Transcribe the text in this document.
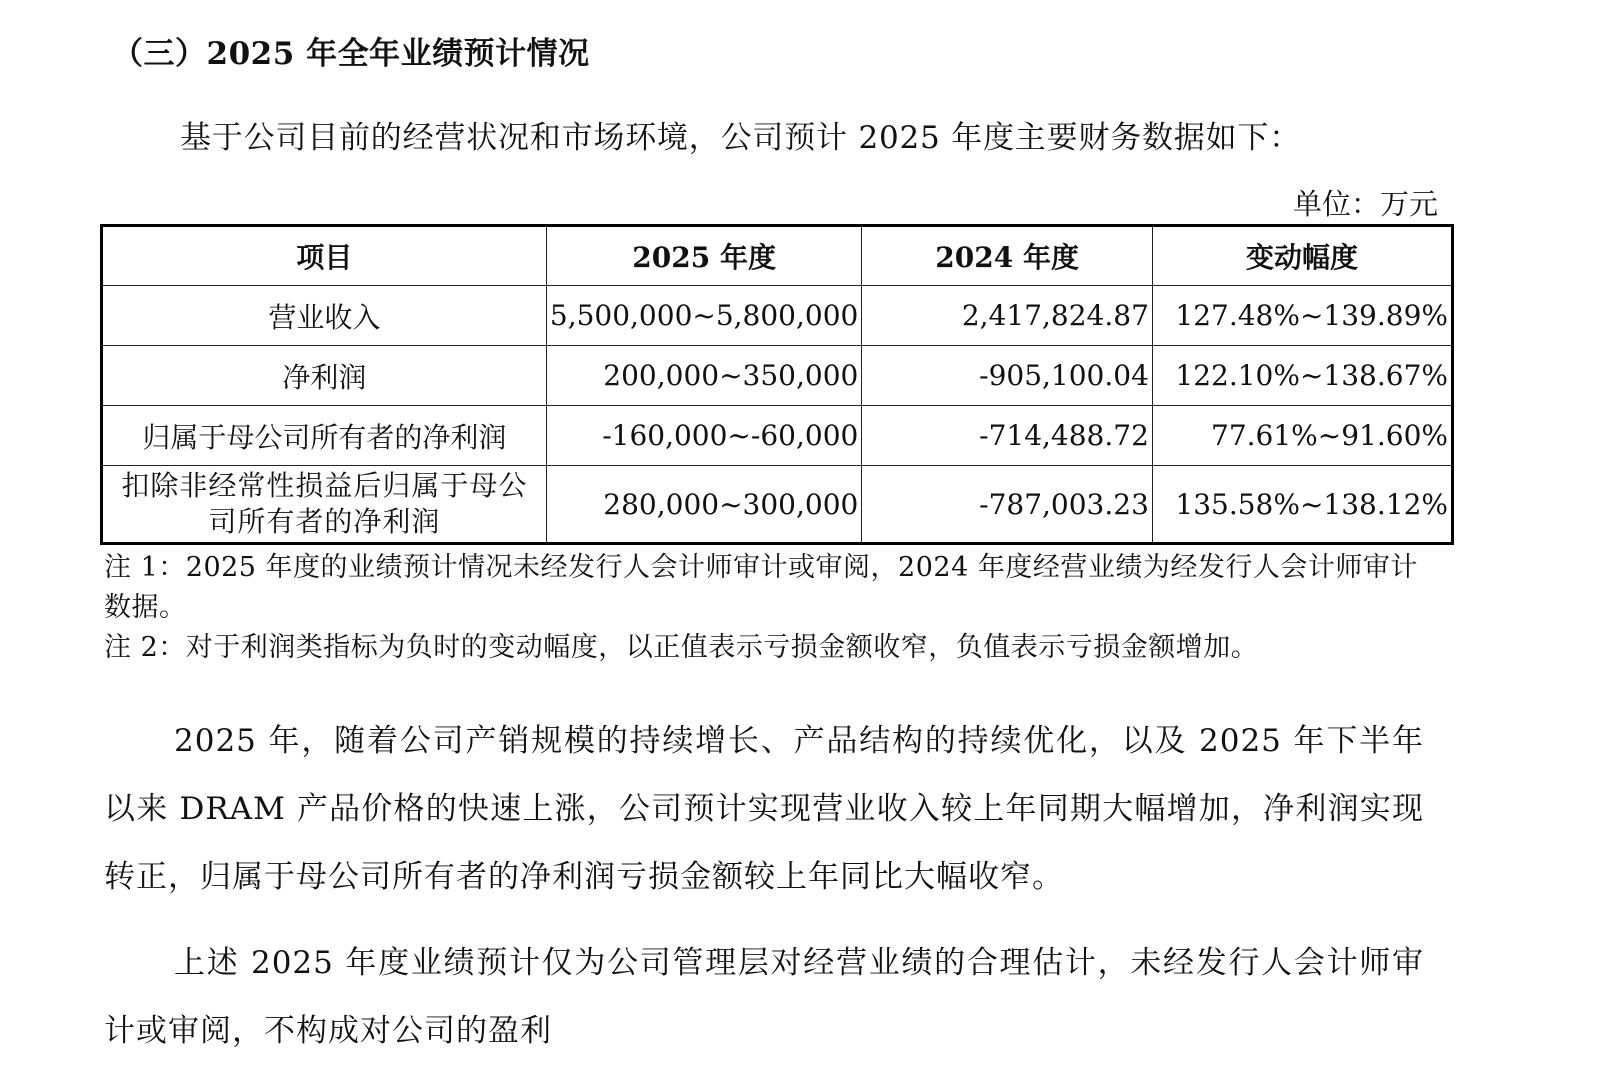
（三）2025 年全年业绩预计情况
基于公司目前的经营状况和市场环境，公司预计 2025 年度主要财务数据如下：
单位：万元
项目	2025 年度	2024 年度	变动幅度
营业收入	5,500,000~5,800,000	2,417,824.87	127.48%~139.89%
净利润	200,000~350,000	-905,100.04	122.10%~138.67%
归属于母公司所有者的净利润	-160,000~-60,000	-714,488.72	77.61%~91.60%
扣除非经常性损益后归属于母公司所有者的净利润	280,000~300,000	-787,003.23	135.58%~138.12%

注 1：2025 年度的业绩预计情况未经发行人会计师审计或审阅，2024 年度经营业绩为经发行人会计师审计数据。

注 2：对于利润类指标为负时的变动幅度，以正值表示亏损金额收窄，负值表示亏损金额增加。

2025 年，随着公司产销规模的持续增长、产品结构的持续优化，以及 2025 年下半年以来 DRAM 产品价格的快速上涨，公司预计实现营业收入较上年同期大幅增加，净利润实现转正，归属于母公司所有者的净利润亏损金额较上年同比大幅收窄。

上述 2025 年度业绩预计仅为公司管理层对经营业绩的合理估计，未经发行人会计师审计或审阅，不构成对公司的盈利
